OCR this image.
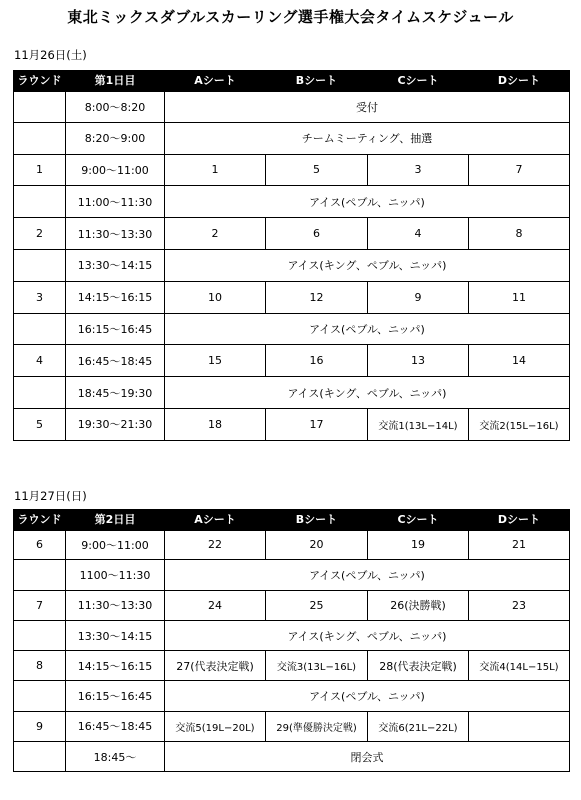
東北ミックスダブルスカーリング選手権大会タイムスケジュール
11月26日(土)
ラウンド	第1日目	Aシート	Bシート	Cシート	Dシート
	8:00〜8:20	受付			
	8:20〜9:00	チームミーティング、抽選			
1	9:00〜11:00	1	5	3	7
	11:00〜11:30	アイス(ペブル、ニッパ)			
2	11:30〜13:30	2	6	4	8
	13:30〜14:15	アイス(キング、ペブル、ニッパ)			
3	14:15〜16:15	10	12	9	11
	16:15〜16:45	アイス(ペブル、ニッパ)			
4	16:45〜18:45	15	16	13	14
	18:45〜19:30	アイス(キング、ペブル、ニッパ)			
5	19:30〜21:30	18	17	交流1(13L−14L)	交流2(15L−16L)
11月27日(日)
ラウンド	第2日目	Aシート	Bシート	Cシート	Dシート
6	9:00〜11:00	22	20	19	21
	1100〜11:30	アイス(ペブル、ニッパ)			
7	11:30〜13:30	24	25	26(決勝戦)	23
	13:30〜14:15	アイス(キング、ペブル、ニッパ)			
8	14:15〜16:15	27(代表決定戦)	交流3(13L−16L)	28(代表決定戦)	交流4(14L−15L)
	16:15〜16:45	アイス(ペブル、ニッパ)			
9	16:45〜18:45	交流5(19L−20L)	29(準優勝決定戦)	交流6(21L−22L)	
	18:45〜	閉会式			
